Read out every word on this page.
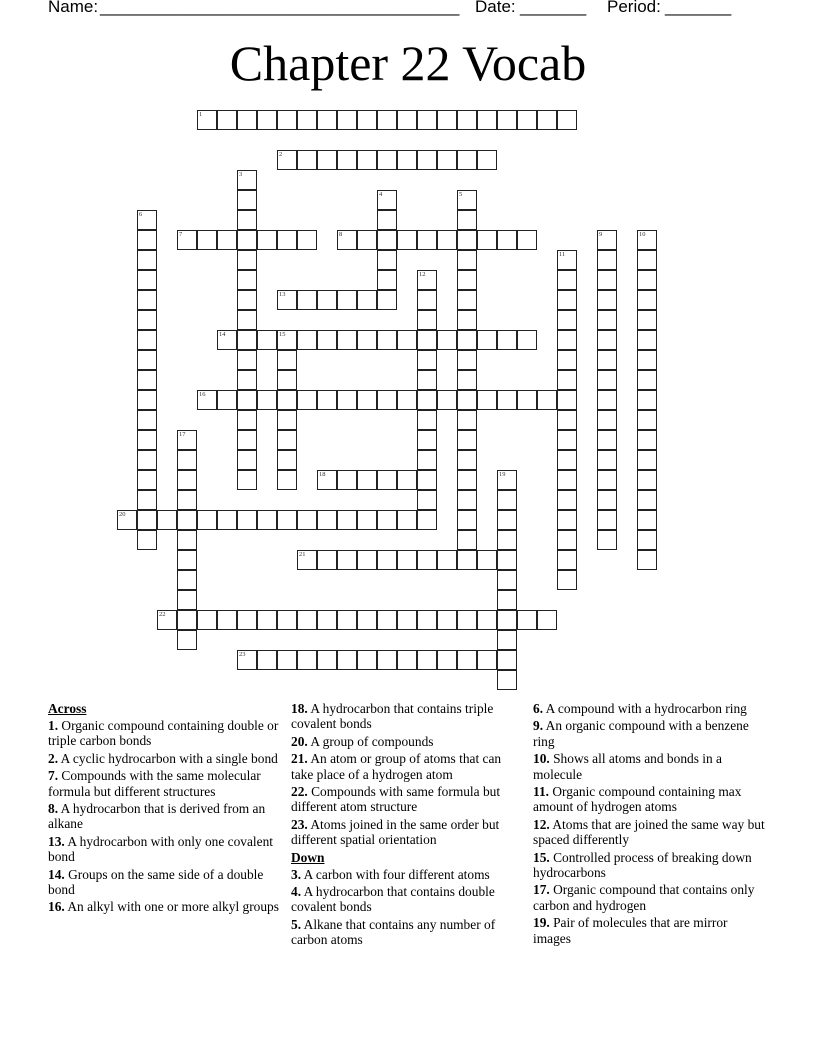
Name:

______________________________________

Date:

_______

Period:

_______

Chapter 22 Vocab
1
2
3
4	5
6
7	8	9	10
11
12
13
14	15
16
17
18	19
20
21
22
23
Across
1. Organic compound containing double or triple carbon bonds
2. A cyclic hydrocarbon with a single bond
7. Compounds with the same molecular formula but different structures
8. A hydrocarbon that is derived from an alkane
13. A hydrocarbon with only one covalent bond
14. Groups on the same side of a double bond
16. An alkyl with one or more alkyl groups
18. A hydrocarbon that contains triple covalent bonds
20. A group of compounds
21. An atom or group of atoms that can take place of a hydrogen atom
22. Compounds with same formula but different atom structure
23. Atoms joined in the same order but different spatial orientation
Down
3. A carbon with four different atoms
4. A hydrocarbon that contains double covalent bonds
5. Alkane that contains any number of carbon atoms
6. A compound with a hydrocarbon ring
9. An organic compound with a benzene ring
10. Shows all atoms and bonds in a molecule
11. Organic compound containing max amount of hydrogen atoms
12. Atoms that are joined the same way but spaced differently
15. Controlled process of breaking down hydrocarbons
17. Organic compound that contains only carbon and hydrogen
19. Pair of molecules that are mirror images
